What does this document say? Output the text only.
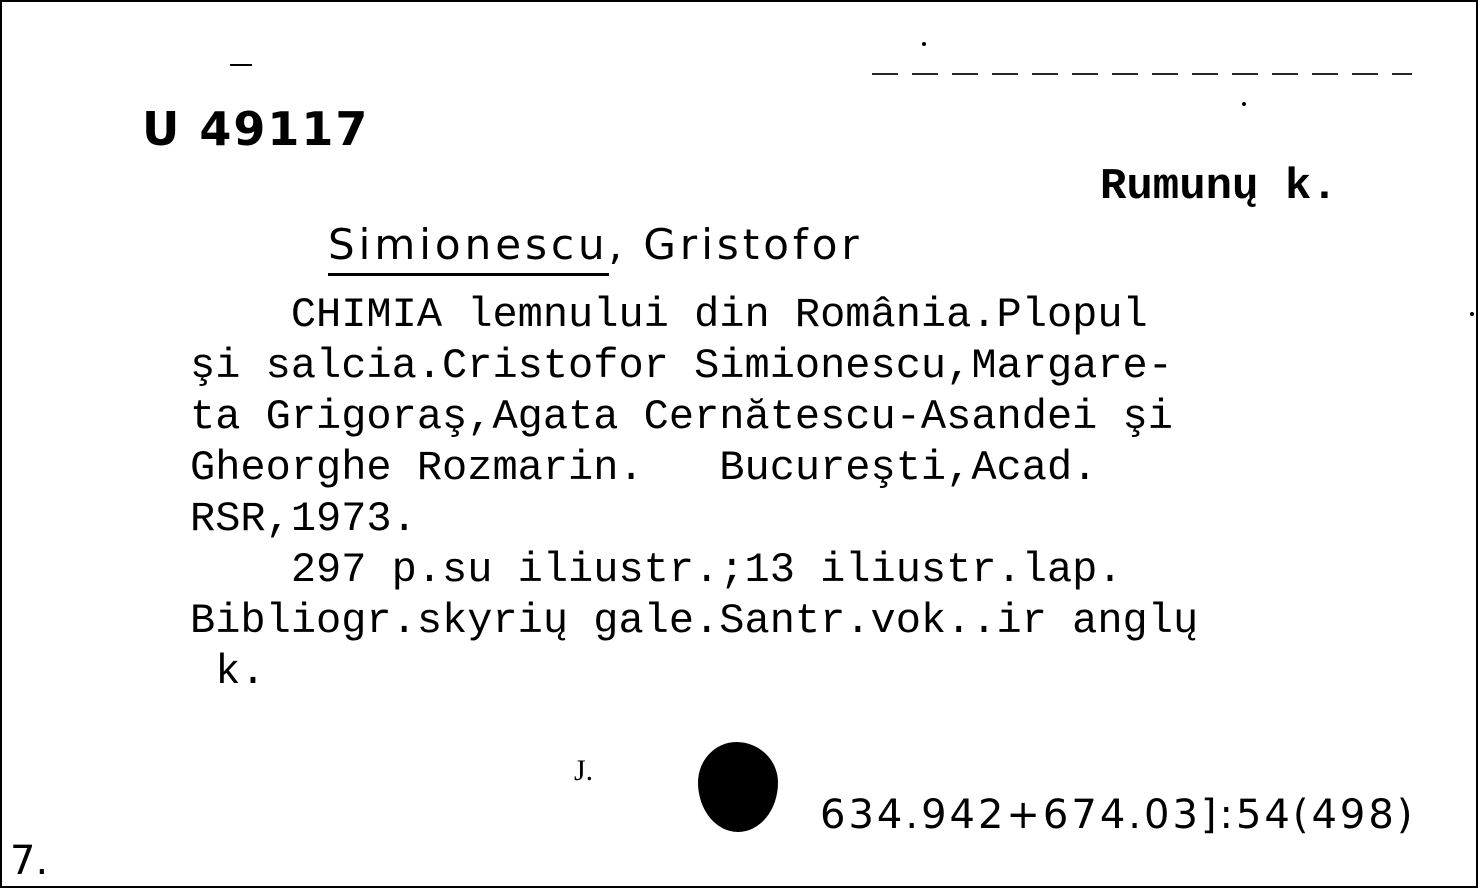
U 49117
Rumunų k.
Simionescu, Gristofor
CHIMIA lemnului din România.Plopul
şi salcia.Cristofor Simionescu,Margare-
ta Grigoraş,Agata Cernătescu-Asandei şi
Gheorghe Rozmarin.   Bucureşti,Acad.
RSR,1973.
297 p.su iliustr.;13 iliustr.lap.
Bibliogr.skyrių gale.Santr.vok..ir anglų
k.
J.
634.942+674.03]:54(498)
7.
